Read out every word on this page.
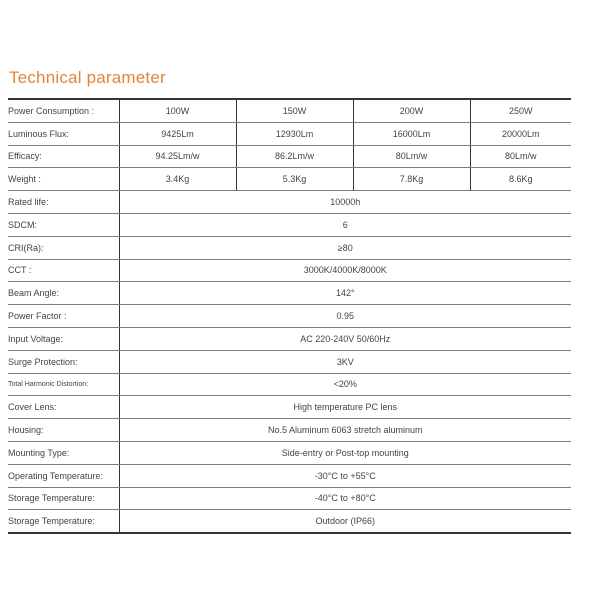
Technical parameter
Power Consumption :	100W	150W	200W	250W
Luminous Flux:	9425Lm	12930Lm	16000Lm	20000Lm
Efficacy:	94.25Lm/w	86.2Lm/w	80Lm/w	80Lm/w
Weight :	3.4Kg	5.3Kg	7.8Kg	8.6Kg
Rated life:	10000h			
SDCM:	6			
CRI(Ra):	≥80			
CCT :	3000K/4000K/8000K			
Beam Angle:	142°			
Power Factor :	0.95			
Input Voltage:	AC 220-240V 50/60Hz			
Surge Protection:	3KV			
Total Harmonic Distortion:	<20%			
Cover Lens:	High temperature PC lens			
Housing:	No.5 Aluminum 6063 stretch aluminum			
Mounting Type:	Side-entry or Post-top mounting			
Operating Temperature:	-30°C to +55°C			
Storage Temperature:	-40°C to +80°C			
Storage Temperature:	Outdoor (IP66)			
